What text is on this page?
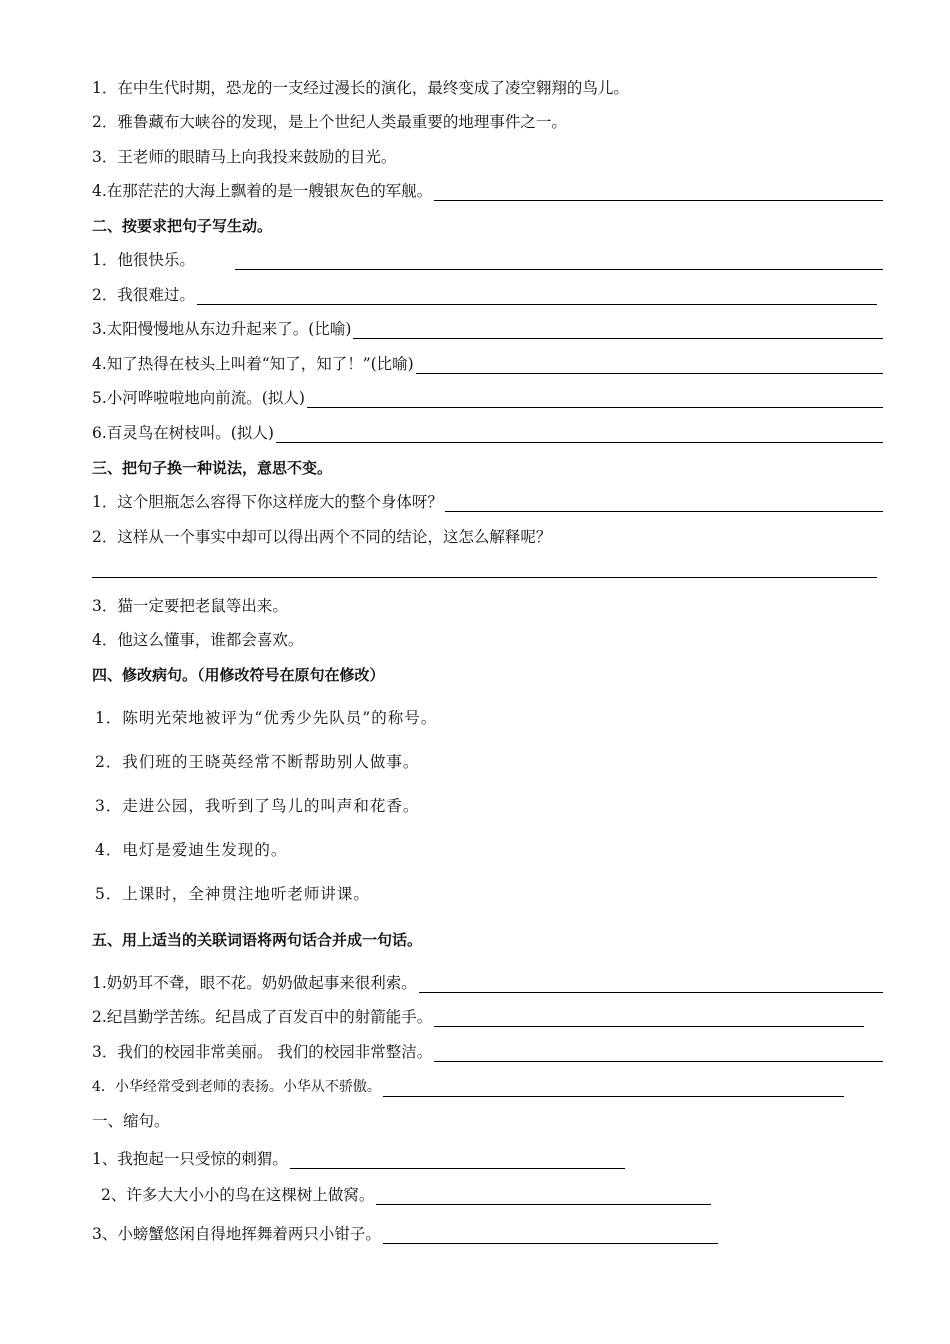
1．在中生代时期，恐龙的一支经过漫长的演化，最终变成了凌空翱翔的鸟儿。
2．雅鲁藏布大峡谷的发现，是上个世纪人类最重要的地理事件之一。
3．王老师的眼睛马上向我投来鼓励的目光。
4.在那茫茫的大海上飘着的是一艘银灰色的军舰。
二、按要求把句子写生动。
1．他很快乐。
2．我很难过。
3.太阳慢慢地从东边升起来了。(比喻)
4.知了热得在枝头上叫着“知了，知了！”(比喻)
5.小河哗啦啦地向前流。(拟人)
6.百灵鸟在树枝叫。(拟人)
三、把句子换一种说法，意思不变。
1．这个胆瓶怎么容得下你这样庞大的整个身体呀？
2．这样从一个事实中却可以得出两个不同的结论，这怎么解释呢？
3．猫一定要把老鼠等出来。
4．他这么懂事，谁都会喜欢。
四、修改病句。（用修改符号在原句在修改）
1．陈明光荣地被评为“优秀少先队员”的称号。
2．我们班的王晓英经常不断帮助别人做事。
3．走进公园，我听到了鸟儿的叫声和花香。
4．电灯是爱迪生发现的。
5．上课时，全神贯注地听老师讲课。
五、用上适当的关联词语将两句话合并成一句话。
1.奶奶耳不聋，眼不花。奶奶做起事来很利索。
2.纪昌勤学苦练。纪昌成了百发百中的射箭能手。
3．我们的校园非常美丽。 我们的校园非常整洁。
4．小华经常受到老师的表扬。小华从不骄傲。
一、缩句。
1、我抱起一只受惊的刺猬。
2、许多大大小小的鸟在这棵树上做窝。
3、小螃蟹悠闲自得地挥舞着两只小钳子。
